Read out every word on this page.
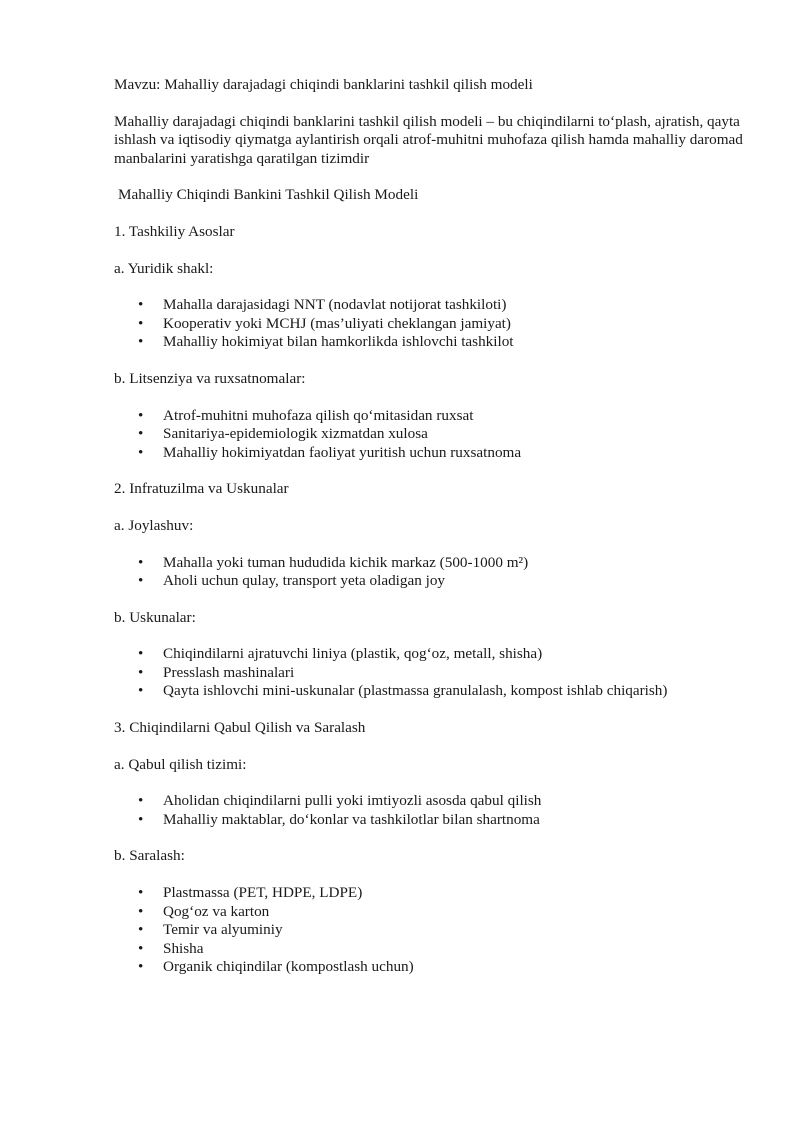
Mavzu: Mahalliy darajadagi chiqindi banklarini tashkil qilish modeli

Mahalliy darajadagi chiqindi banklarini tashkil qilish modeli – bu chiqindilarni to‘plash, ajratish, qayta ishlash va iqtisodiy qiymatga aylantirish orqali atrof-muhitni muhofaza qilish hamda mahalliy daromad manbalarini yaratishga qaratilgan tizimdir

Mahalliy Chiqindi Bankini Tashkil Qilish Modeli

1. Tashkiliy Asoslar

a. Yuridik shakl:

• Mahalla darajasidagi NNT (nodavlat notijorat tashkiloti)
• Kooperativ yoki MCHJ (mas’uliyati cheklangan jamiyat)
• Mahalliy hokimiyat bilan hamkorlikda ishlovchi tashkilot

b. Litsenziya va ruxsatnomalar:

• Atrof-muhitni muhofaza qilish qo‘mitasidan ruxsat
• Sanitariya-epidemiologik xizmatdan xulosa
• Mahalliy hokimiyatdan faoliyat yuritish uchun ruxsatnoma

2. Infratuzilma va Uskunalar

a. Joylashuv:

• Mahalla yoki tuman hududida kichik markaz (500-1000 m²)
• Aholi uchun qulay, transport yeta oladigan joy

b. Uskunalar:

• Chiqindilarni ajratuvchi liniya (plastik, qog‘oz, metall, shisha)
• Presslash mashinalari
• Qayta ishlovchi mini-uskunalar (plastmassa granulalash, kompost ishlab chiqarish)

3. Chiqindilarni Qabul Qilish va Saralash

a. Qabul qilish tizimi:

• Aholidan chiqindilarni pulli yoki imtiyozli asosda qabul qilish
• Mahalliy maktablar, do‘konlar va tashkilotlar bilan shartnoma

b. Saralash:

• Plastmassa (PET, HDPE, LDPE)
• Qog‘oz va karton
• Temir va alyuminiy
• Shisha
• Organik chiqindilar (kompostlash uchun)
